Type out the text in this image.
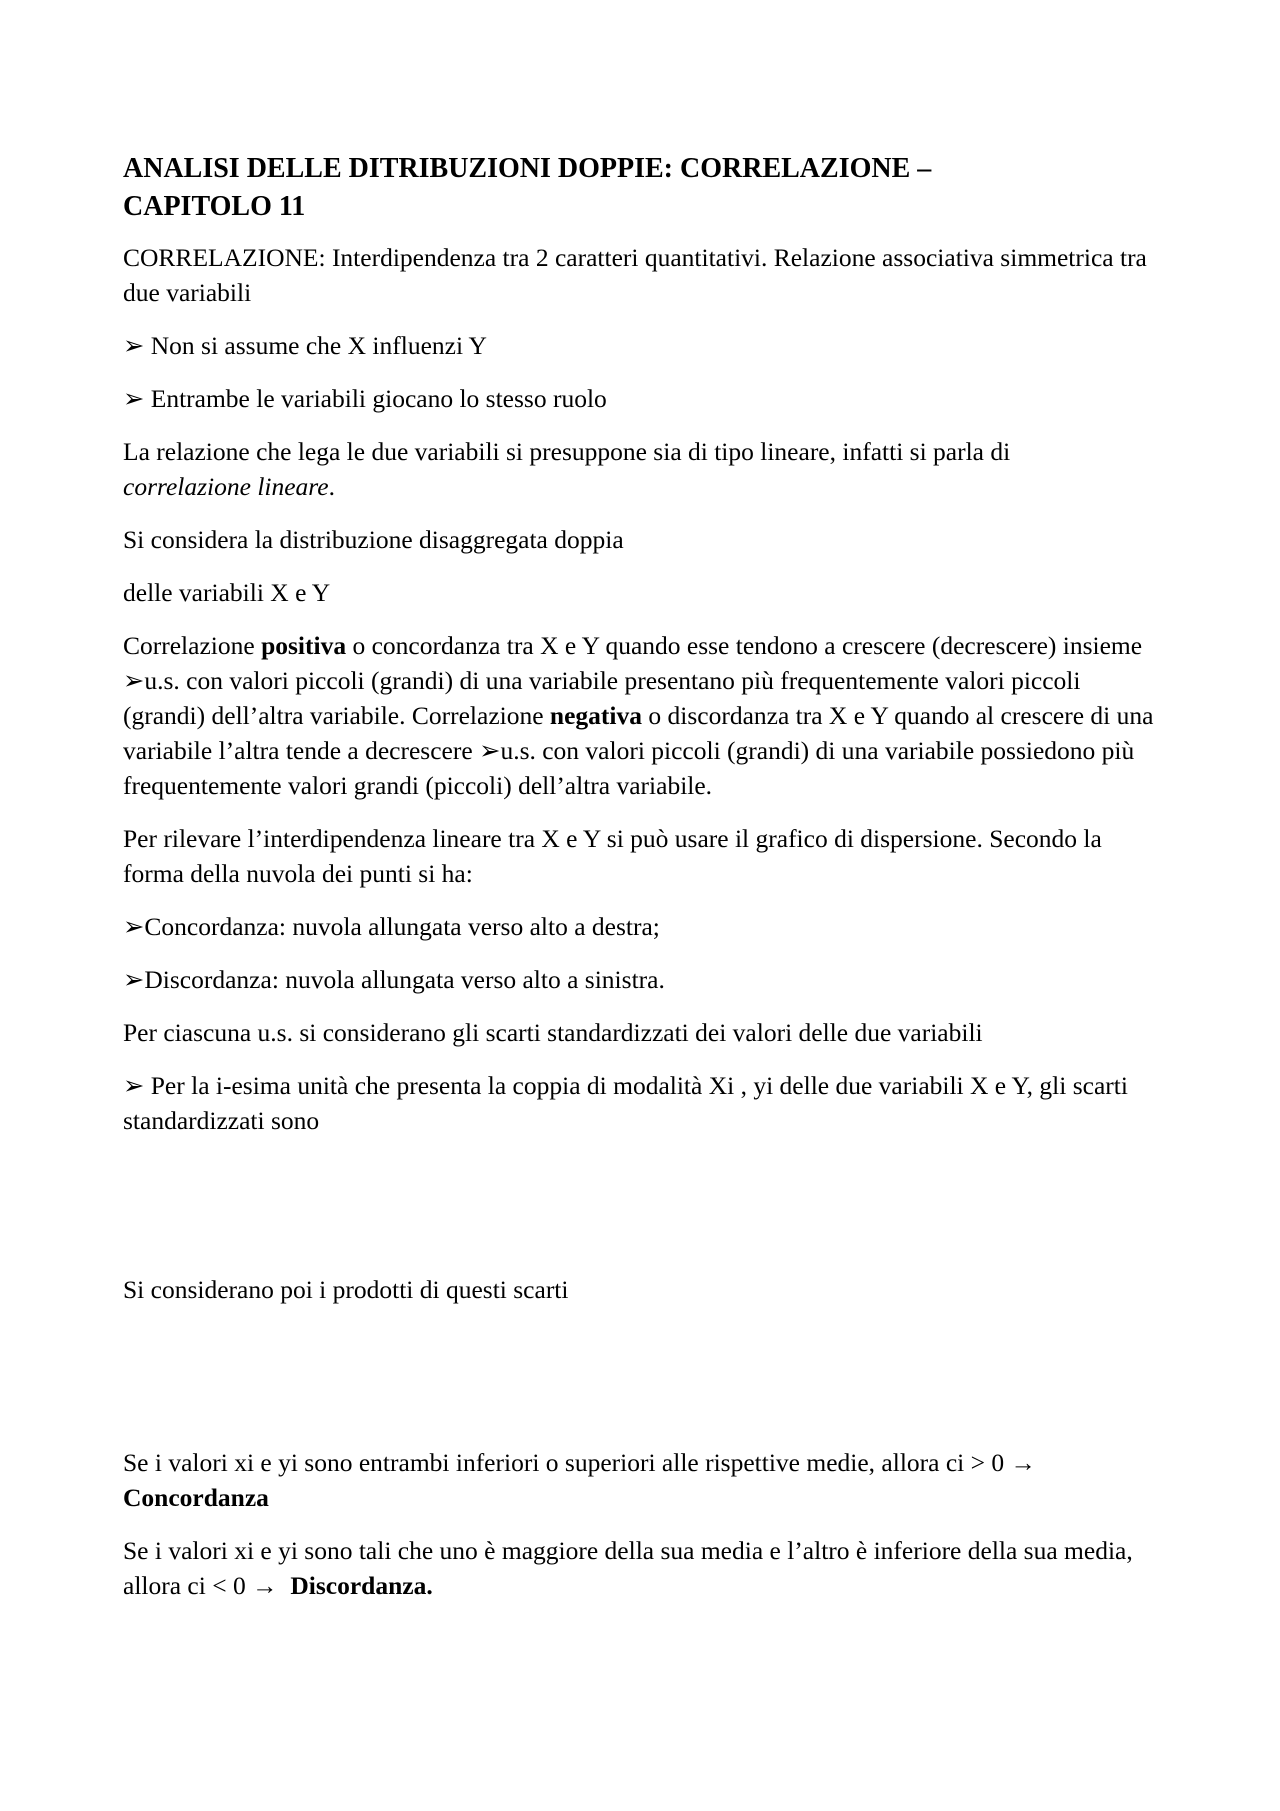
ANALISI DELLE DITRIBUZIONI DOPPIE: CORRELAZIONE –
CAPITOLO 11

CORRELAZIONE: Interdipendenza tra 2 caratteri quantitativi. Relazione associativa simmetrica tra due variabili

➢ Non si assume che X influenzi Y

➢ Entrambe le variabili giocano lo stesso ruolo

La relazione che lega le due variabili si presuppone sia di tipo lineare, infatti si parla di
correlazione lineare.

Si considera la distribuzione disaggregata doppia

delle variabili X e Y

Correlazione positiva o concordanza tra X e Y quando esse tendono a crescere (decrescere) insieme ➢u.s. con valori piccoli (grandi) di una variabile presentano più frequentemente valori piccoli (grandi) dell’altra variabile. Correlazione negativa o discordanza tra X e Y quando al crescere di una variabile l’altra tende a decrescere ➢u.s. con valori piccoli (grandi) di una variabile possiedono più frequentemente valori grandi (piccoli) dell’altra variabile.

Per rilevare l’interdipendenza lineare tra X e Y si può usare il grafico di dispersione. Secondo la forma della nuvola dei punti si ha:

➢Concordanza: nuvola allungata verso alto a destra;

➢Discordanza: nuvola allungata verso alto a sinistra.

Per ciascuna u.s. si considerano gli scarti standardizzati dei valori delle due variabili

➢ Per la i-esima unità che presenta la coppia di modalità Xi , yi delle due variabili X e Y, gli scarti standardizzati sono

Si considerano poi i prodotti di questi scarti

Se i valori xi e yi sono entrambi inferiori o superiori alle rispettive medie, allora ci > 0 →
Concordanza

Se i valori xi e yi sono tali che uno è maggiore della sua media e l’altro è inferiore della sua media, allora ci < 0 → Discordanza.
